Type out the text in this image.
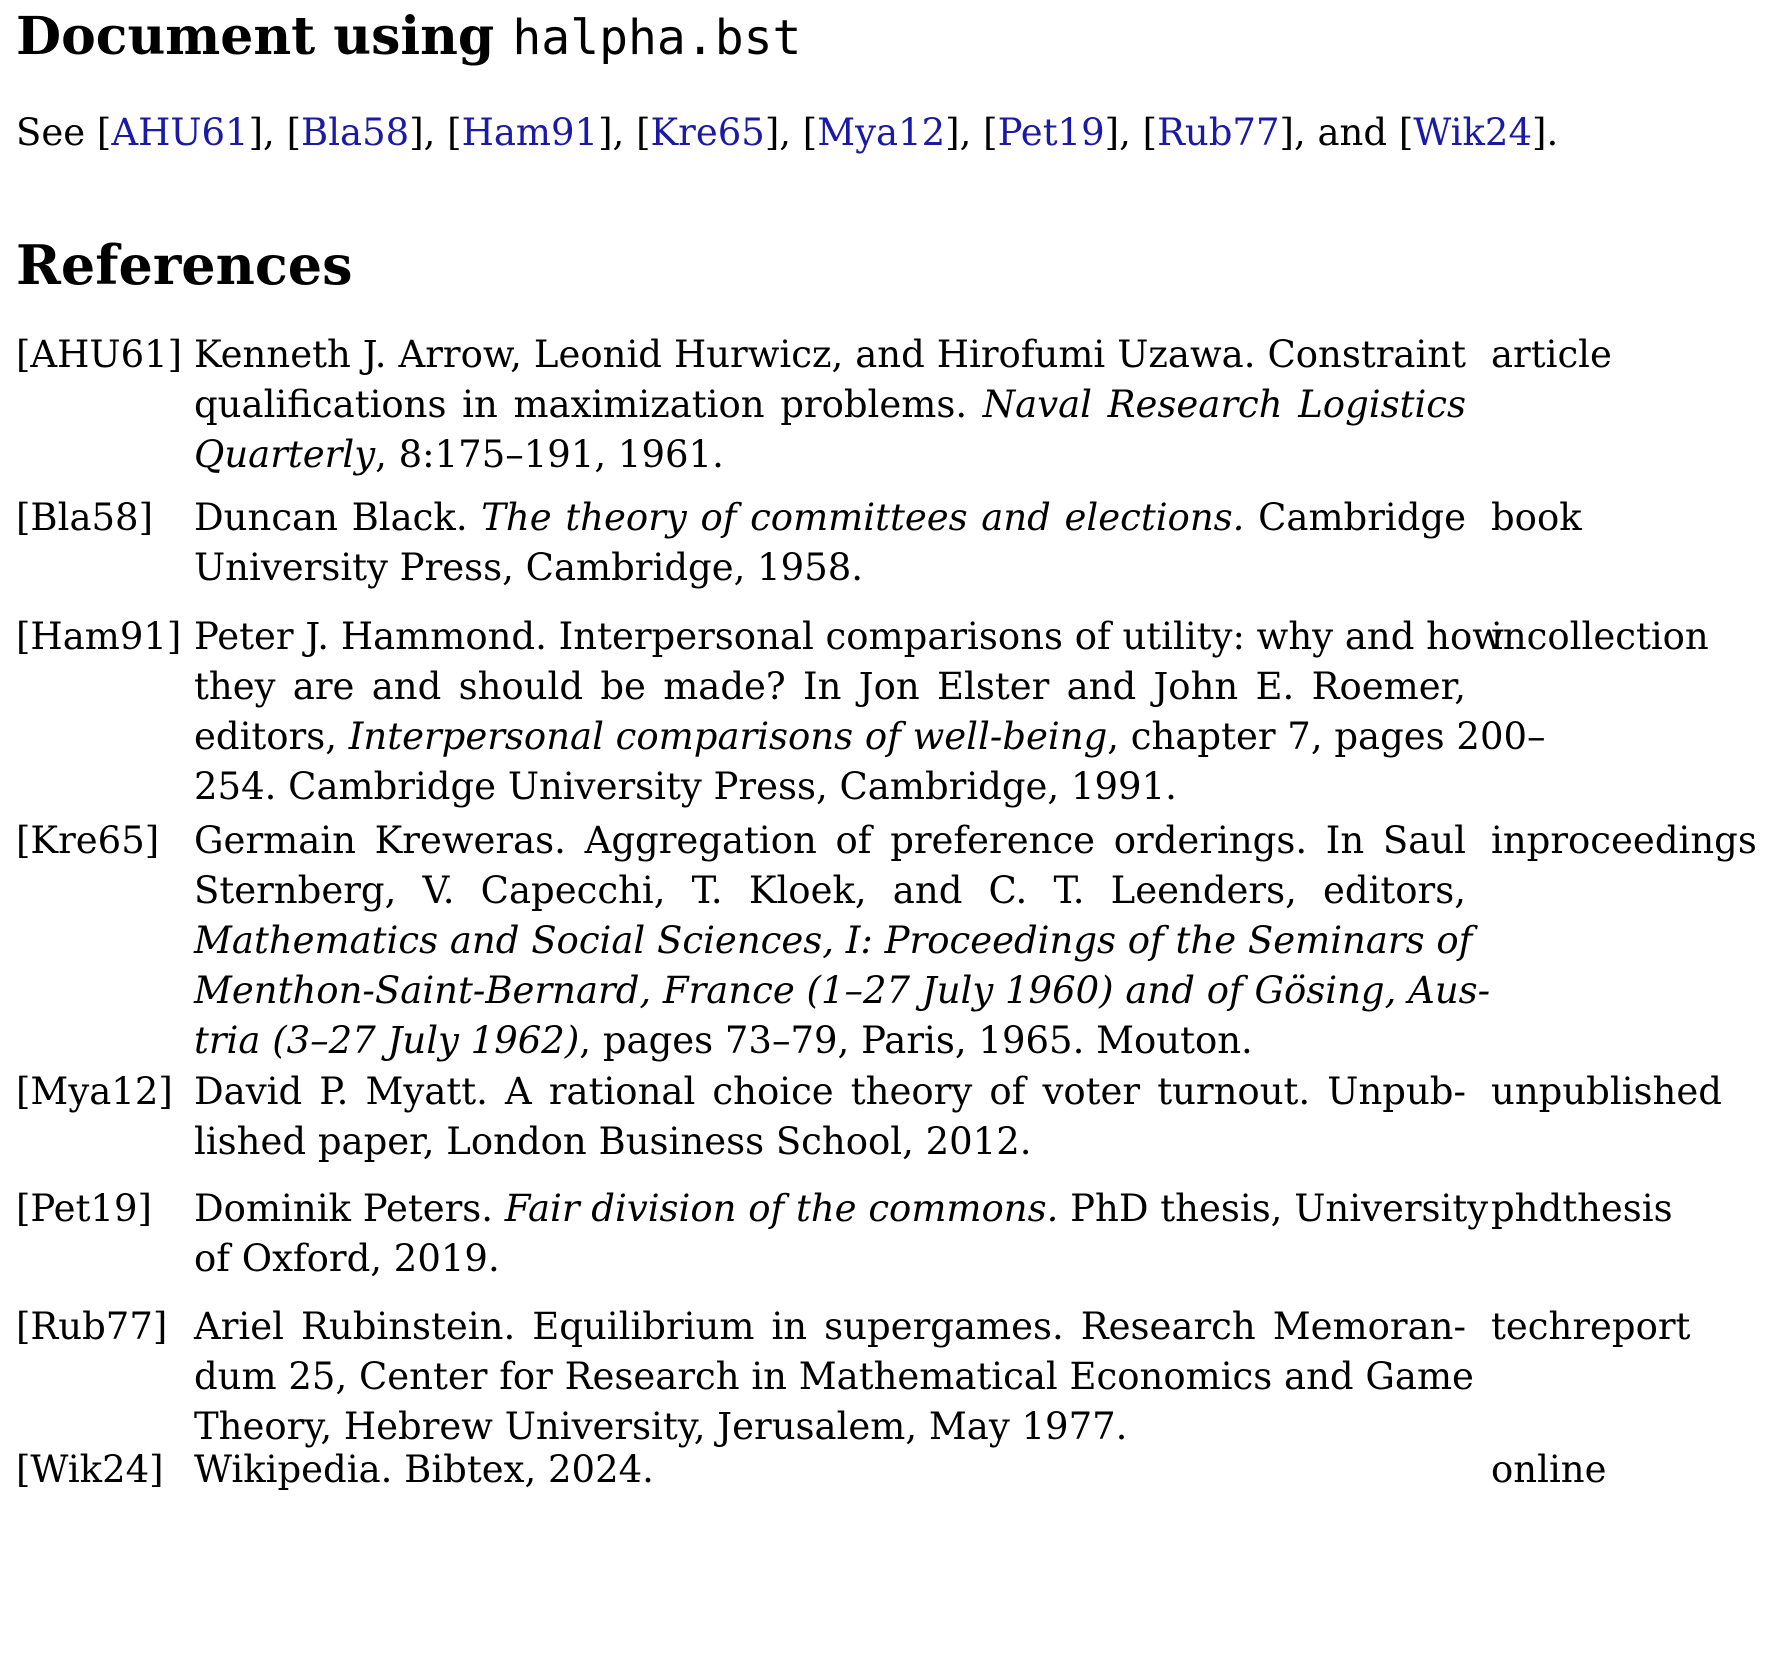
Document using halpha.bst

See [AHU61], [Bla58], [Ham91], [Kre65], [Mya12], [Pet19], [Rub77], and [Wik24].

References
[AHU61] Kenneth J. Arrow, Leonid Hurwicz, and Hirofumi Uzawa. Constraint
qualifications in maximization problems. Naval Research Logistics
Quarterly, 8:175–191, 1961.
article
[Bla58] Duncan Black. The theory of committees and elections. Cambridge
University Press, Cambridge, 1958.
book
[Ham91] Peter J. Hammond. Interpersonal comparisons of utility: why and how
they are and should be made? In Jon Elster and John E. Roemer,
editors, Interpersonal comparisons of well-being, chapter 7, pages 200–
254. Cambridge University Press, Cambridge, 1991.
incollection
[Kre65] Germain Kreweras. Aggregation of preference orderings. In Saul
Sternberg, V. Capecchi, T. Kloek, and C. T. Leenders, editors,
Mathematics and Social Sciences, I: Proceedings of the Seminars of
Menthon-Saint-Bernard, France (1–27 July 1960) and of Gösing, Aus-
tria (3–27 July 1962), pages 73–79, Paris, 1965. Mouton.
inproceedings
[Mya12] David P. Myatt. A rational choice theory of voter turnout. Unpub-
lished paper, London Business School, 2012.
unpublished
[Pet19] Dominik Peters. Fair division of the commons. PhD thesis, University
of Oxford, 2019.
phdthesis
[Rub77] Ariel Rubinstein. Equilibrium in supergames. Research Memoran-
dum 25, Center for Research in Mathematical Economics and Game
Theory, Hebrew University, Jerusalem, May 1977.
techreport
[Wik24] Wikipedia. Bibtex, 2024.	online
